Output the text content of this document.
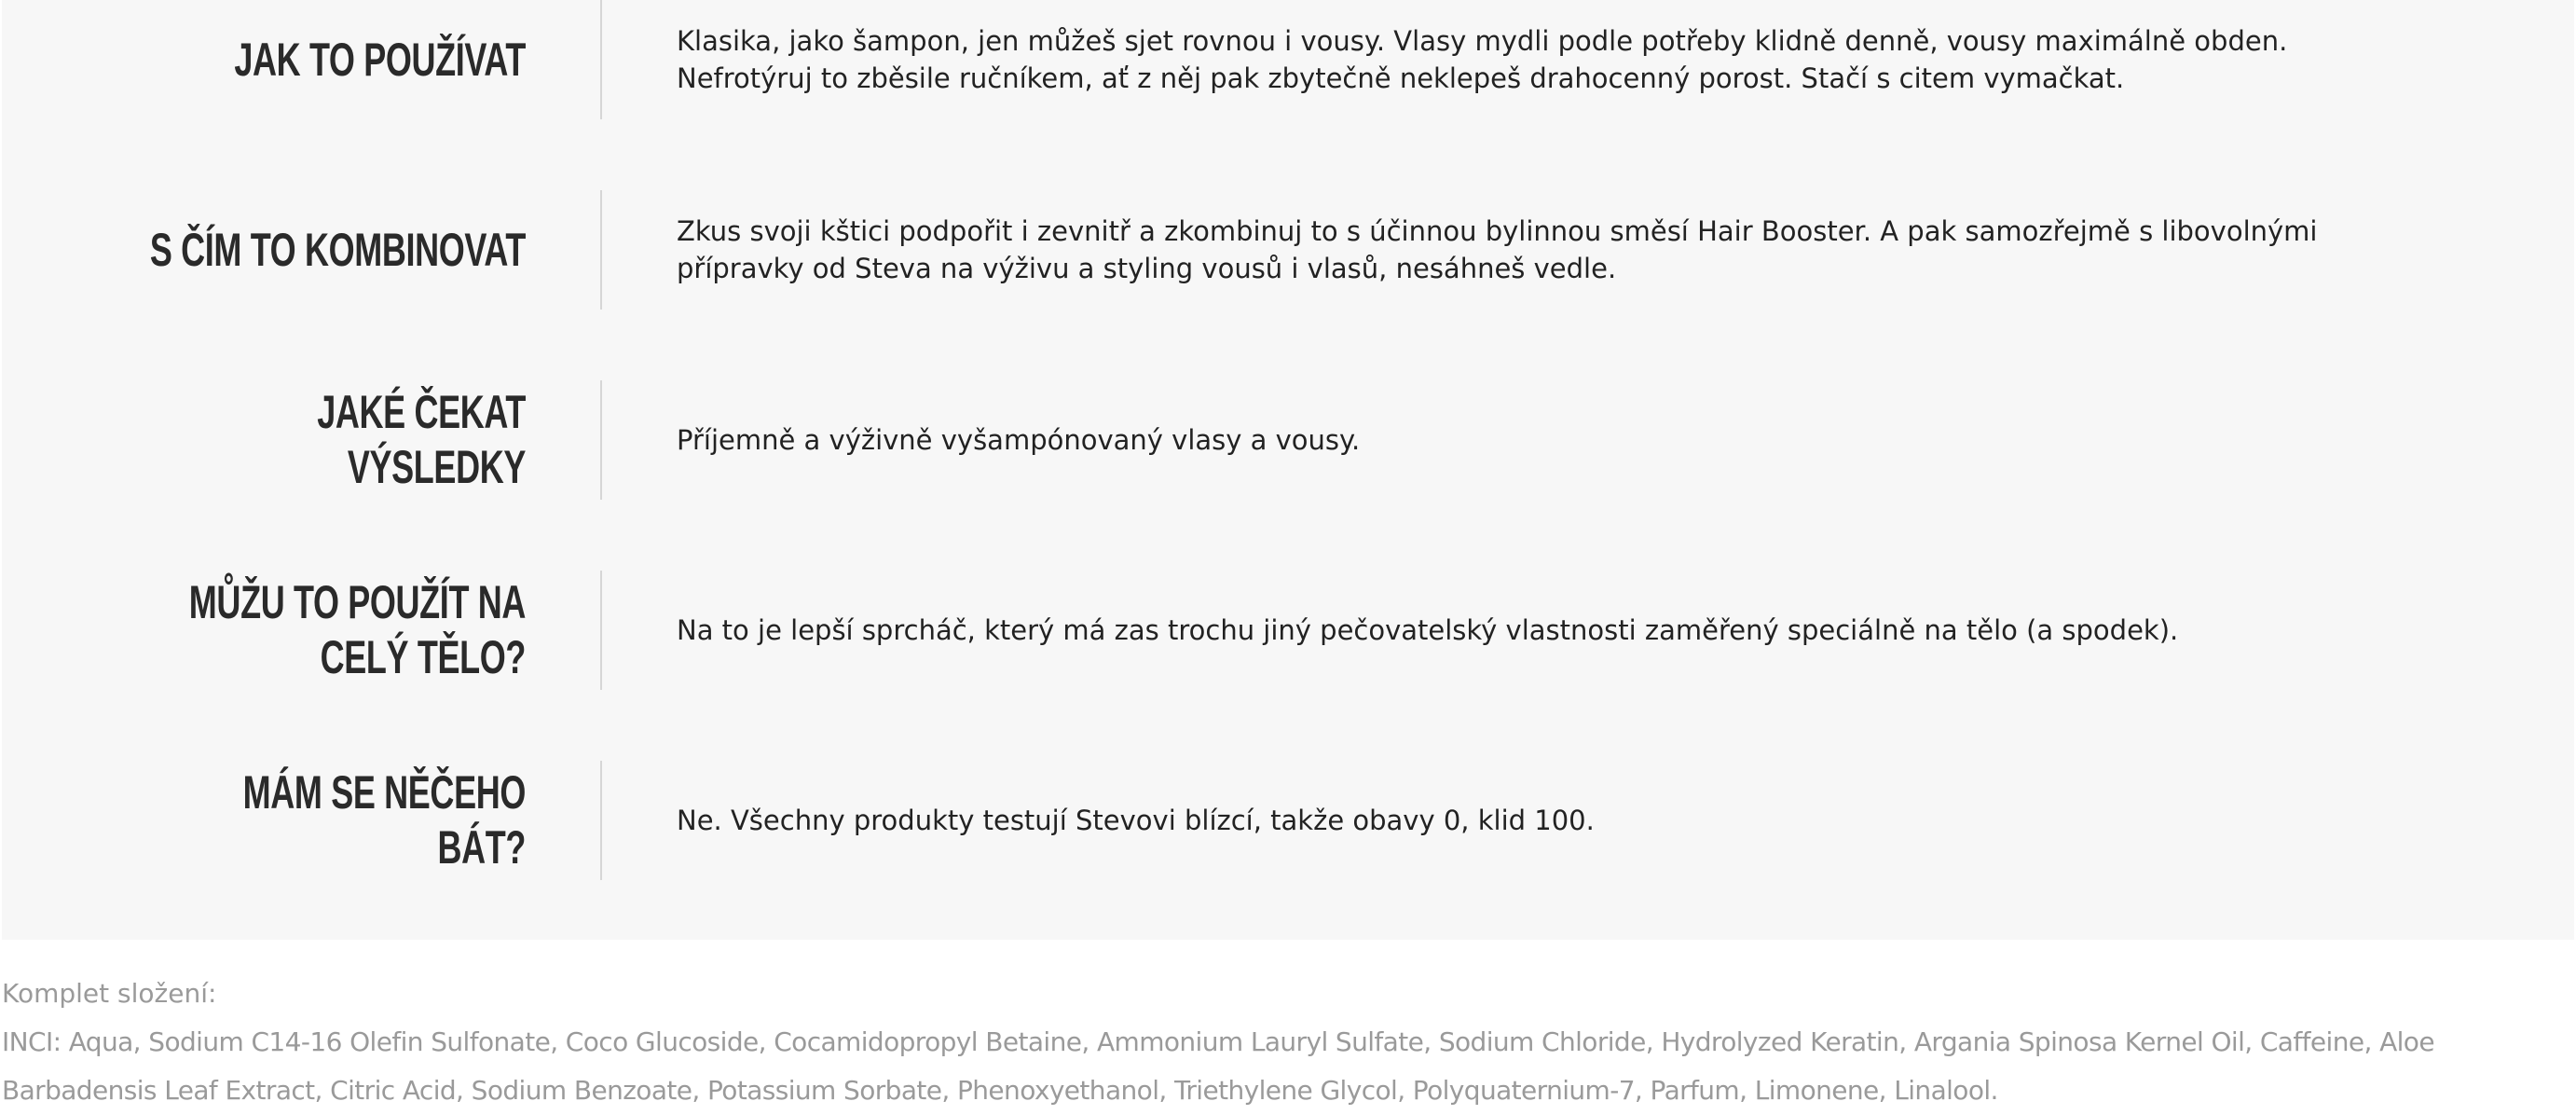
JAK TO POUŽÍVAT	Klasika, jako šampon, jen můžeš sjet rovnou i vousy. Vlasy mydli podle potřeby klidně denně, vousy maximálně obden. Nefrotýruj to zběsile ručníkem, ať z něj pak zbytečně neklepeš drahocenný porost. Stačí s citem vymačkat.
S ČÍM TO KOMBINOVAT	Zkus svoji kštici podpořit i zevnitř a zkombinuj to s účinnou bylinnou směsí Hair Booster. A pak samozřejmě s libovolnými přípravky od Steva na výživu a styling vousů i vlasů, nesáhneš vedle.
JAKÉ ČEKAT VÝSLEDKY
Příjemně a výživně vyšampónovaný vlasy a vousy.
MŮŽU TO POUŽÍT NA CELÝ TĚLO?
Na to je lepší sprcháč, který má zas trochu jiný pečovatelský vlastnosti zaměřený speciálně na tělo (a spodek).
MÁM SE NĚČEHO BÁT?
Ne. Všechny produkty testují Stevovi blízcí, takže obavy 0, klid 100.

Komplet složení:

INCI: Aqua, Sodium C14-16 Olefin Sulfonate, Coco Glucoside, Cocamidopropyl Betaine, Ammonium Lauryl Sulfate, Sodium Chloride, Hydrolyzed Keratin, Argania Spinosa Kernel Oil, Caffeine, Aloe Barbadensis Leaf Extract, Citric Acid, Sodium Benzoate, Potassium Sorbate, Phenoxyethanol, Triethylene Glycol, Polyquaternium-7, Parfum, Limonene, Linalool.
